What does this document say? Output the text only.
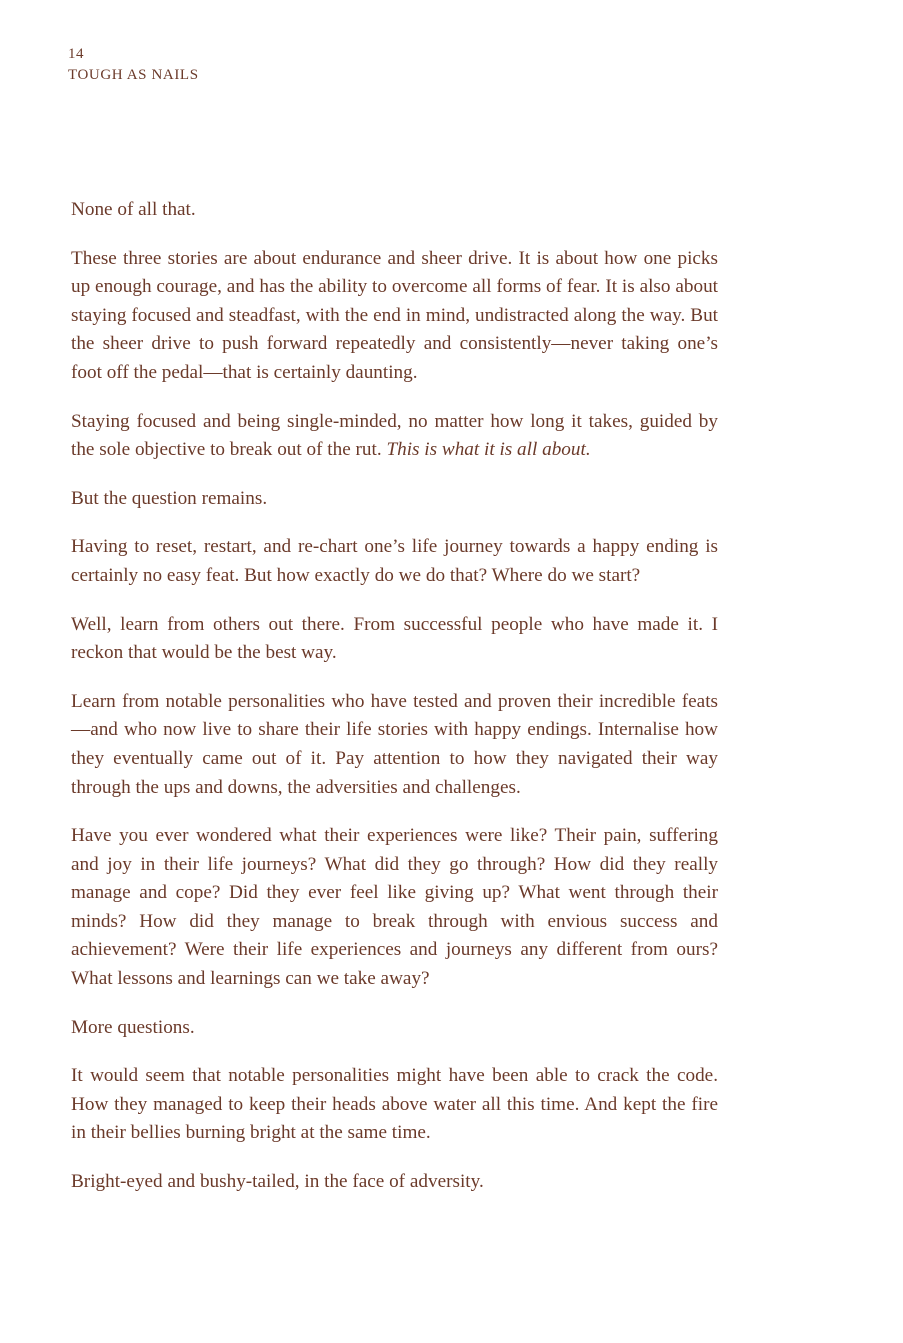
14
TOUGH AS NAILS

None of all that.

These three stories are about endurance and sheer drive. It is about how one picks up enough courage, and has the ability to overcome all forms of fear. It is also about staying focused and steadfast, with the end in mind, undistracted along the way. But the sheer drive to push forward repeatedly and consistently—never taking one’s foot off the pedal—that is certainly daunting.

Staying focused and being single-minded, no matter how long it takes, guided by the sole objective to break out of the rut. This is what it is all about.

But the question remains.

Having to reset, restart, and re-chart one’s life journey towards a happy ending is certainly no easy feat. But how exactly do we do that? Where do we start?

Well, learn from others out there. From successful people who have made it. I reckon that would be the best way.

Learn from notable personalities who have tested and proven their incredible feats—and who now live to share their life stories with happy endings. Internalise how they eventually came out of it. Pay attention to how they navigated their way through the ups and downs, the adversities and challenges.

Have you ever wondered what their experiences were like? Their pain, suffering and joy in their life journeys? What did they go through? How did they really manage and cope? Did they ever feel like giving up? What went through their minds? How did they manage to break through with envious success and achievement? Were their life experiences and journeys any different from ours? What lessons and learnings can we take away?

More questions.

It would seem that notable personalities might have been able to crack the code. How they managed to keep their heads above water all this time. And kept the fire in their bellies burning bright at the same time.

Bright-eyed and bushy-tailed, in the face of adversity.
